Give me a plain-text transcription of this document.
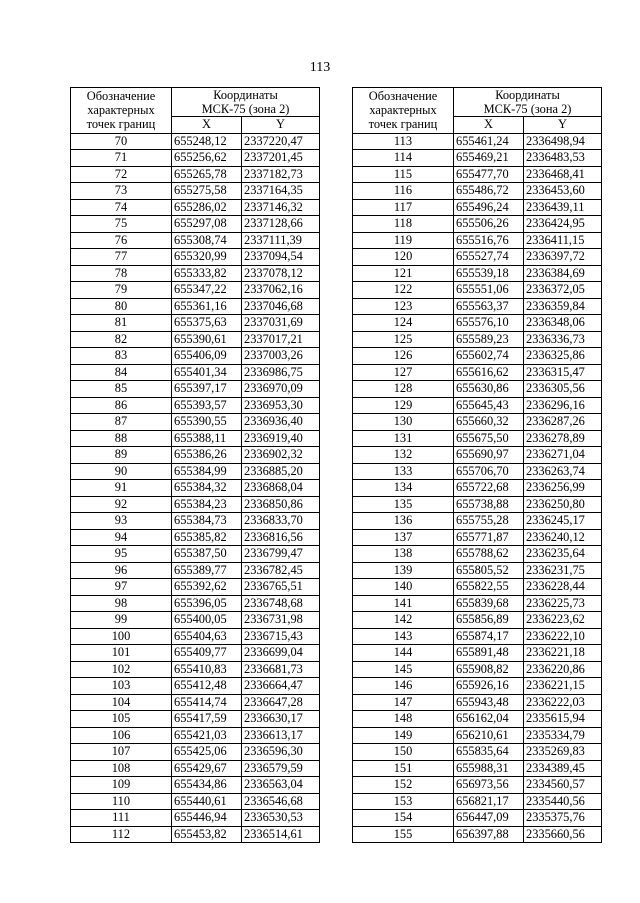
113
Обозначение
характерных
точек границ	Координаты
МСК-75 (зона 2)	

	X	Y
70	655248,12	2337220,47
71	655256,62	2337201,45
72	655265,78	2337182,73
73	655275,58	2337164,35
74	655286,02	2337146,32
75	655297,08	2337128,66
76	655308,74	2337111,39
77	655320,99	2337094,54
78	655333,82	2337078,12
79	655347,22	2337062,16
80	655361,16	2337046,68
81	655375,63	2337031,69
82	655390,61	2337017,21
83	655406,09	2337003,26
84	655401,34	2336986,75
85	655397,17	2336970,09
86	655393,57	2336953,30
87	655390,55	2336936,40
88	655388,11	2336919,40
89	655386,26	2336902,32
90	655384,99	2336885,20
91	655384,32	2336868,04
92	655384,23	2336850,86
93	655384,73	2336833,70
94	655385,82	2336816,56
95	655387,50	2336799,47
96	655389,77	2336782,45
97	655392,62	2336765,51
98	655396,05	2336748,68
99	655400,05	2336731,98
100	655404,63	2336715,43
101	655409,77	2336699,04
102	655410,83	2336681,73
103	655412,48	2336664,47
104	655414,74	2336647,28
105	655417,59	2336630,17
106	655421,03	2336613,17
107	655425,06	2336596,30
108	655429,67	2336579,59
109	655434,86	2336563,04
110	655440,61	2336546,68
111	655446,94	2336530,53
112	655453,82	2336514,61
Обозначение
характерных
точек границ	Координаты
МСК-75 (зона 2)	

	X	Y
113	655461,24	2336498,94
114	655469,21	2336483,53
115	655477,70	2336468,41
116	655486,72	2336453,60
117	655496,24	2336439,11
118	655506,26	2336424,95
119	655516,76	2336411,15
120	655527,74	2336397,72
121	655539,18	2336384,69
122	655551,06	2336372,05
123	655563,37	2336359,84
124	655576,10	2336348,06
125	655589,23	2336336,73
126	655602,74	2336325,86
127	655616,62	2336315,47
128	655630,86	2336305,56
129	655645,43	2336296,16
130	655660,32	2336287,26
131	655675,50	2336278,89
132	655690,97	2336271,04
133	655706,70	2336263,74
134	655722,68	2336256,99
135	655738,88	2336250,80
136	655755,28	2336245,17
137	655771,87	2336240,12
138	655788,62	2336235,64
139	655805,52	2336231,75
140	655822,55	2336228,44
141	655839,68	2336225,73
142	655856,89	2336223,62
143	655874,17	2336222,10
144	655891,48	2336221,18
145	655908,82	2336220,86
146	655926,16	2336221,15
147	655943,48	2336222,03
148	656162,04	2335615,94
149	656210,61	2335334,79
150	655835,64	2335269,83
151	655988,31	2334389,45
152	656973,56	2334560,57
153	656821,17	2335440,56
154	656447,09	2335375,76
155	656397,88	2335660,56
